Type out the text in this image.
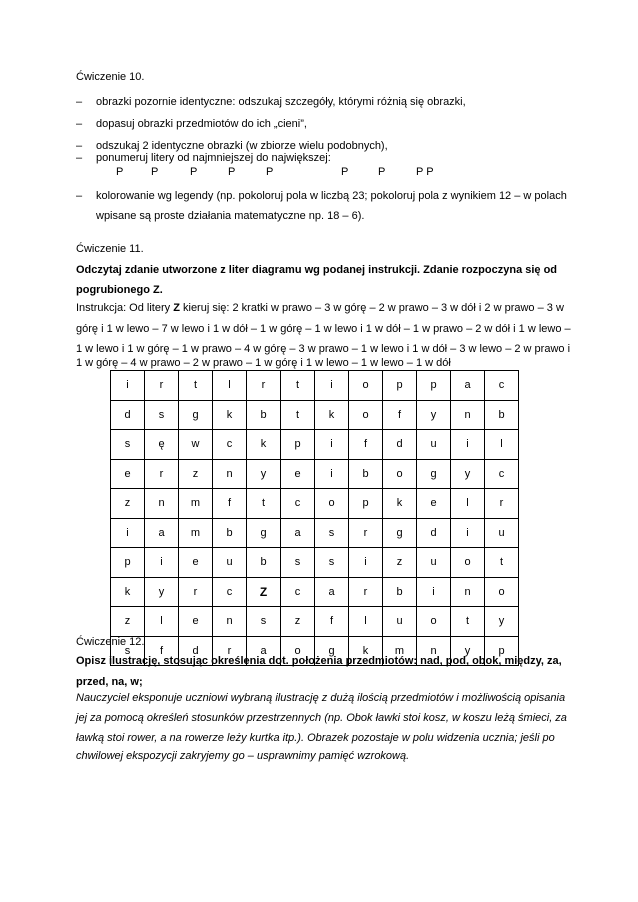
Ćwiczenie 10.
– obrazki pozornie identyczne: odszukaj szczegóły, którymi różnią się obrazki,
– dopasuj obrazki przedmiotów do ich „cieni”,
– odszukaj 2 identyczne obrazki (w zbiorze wielu podobnych),
– ponumeruj litery od najmniejszej do największej:
P	P	P	P	P	P	P	P P
– kolorowanie wg legendy (np. pokoloruj pola w liczbą 23; pokoloruj pola z wynikiem 12 – w polach
wpisane są proste działania matematyczne np. 18 – 6).
Ćwiczenie 11.
Odczytaj zdanie utworzone z liter diagramu wg podanej instrukcji. Zdanie rozpoczyna się od
pogrubionego Z.
Instrukcja: Od litery Z kieruj się: 2 kratki w prawo – 3 w górę – 2 w prawo – 3 w dół i 2 w prawo – 3 w
górę i 1 w lewo – 7 w lewo i 1 w dół – 1 w górę – 1 w lewo i 1 w dół – 1 w prawo – 2 w dół i 1 w lewo –
1 w lewo i 1 w górę – 1 w prawo – 4 w górę – 3 w prawo – 1 w lewo i 1 w dół – 3 w lewo – 2 w prawo i
1 w górę – 4 w prawo – 2 w prawo – 1 w górę i 1 w lewo – 1 w lewo – 1 w dół
i	r	t	l	r	t	i	o	p	p	a	c
d	s	g	k	b	t	k	o	f	y	n	b
s	ę	w	c	k	p	i	f	d	u	i	l
e	r	z	n	y	e	i	b	o	g	y	c
z	n	m	f	t	c	o	p	k	e	l	r
i	a	m	b	g	a	s	r	g	d	i	u
p	i	e	u	b	s	s	i	z	u	o	t
k	y	r	c	Z	c	a	r	b	i	n	o
z	l	e	n	s	z	f	l	u	o	t	y
s	f	d	r	a	o	g	k	m	n	y	p
Ćwiczenie 12.
Opisz ilustrację, stosując określenia dot. położenia przedmiotów: nad, pod, obok, między, za,
przed, na, w;
Nauczyciel eksponuje uczniowi wybraną ilustrację z dużą ilością przedmiotów i możliwością opisania
jej za pomocą określeń stosunków przestrzennych (np. Obok ławki stoi kosz, w koszu leżą śmieci, za
ławką stoi rower, a na rowerze leży kurtka itp.). Obrazek pozostaje w polu widzenia ucznia; jeśli po
chwilowej ekspozycji zakryjemy go – usprawnimy pamięć wzrokową.
